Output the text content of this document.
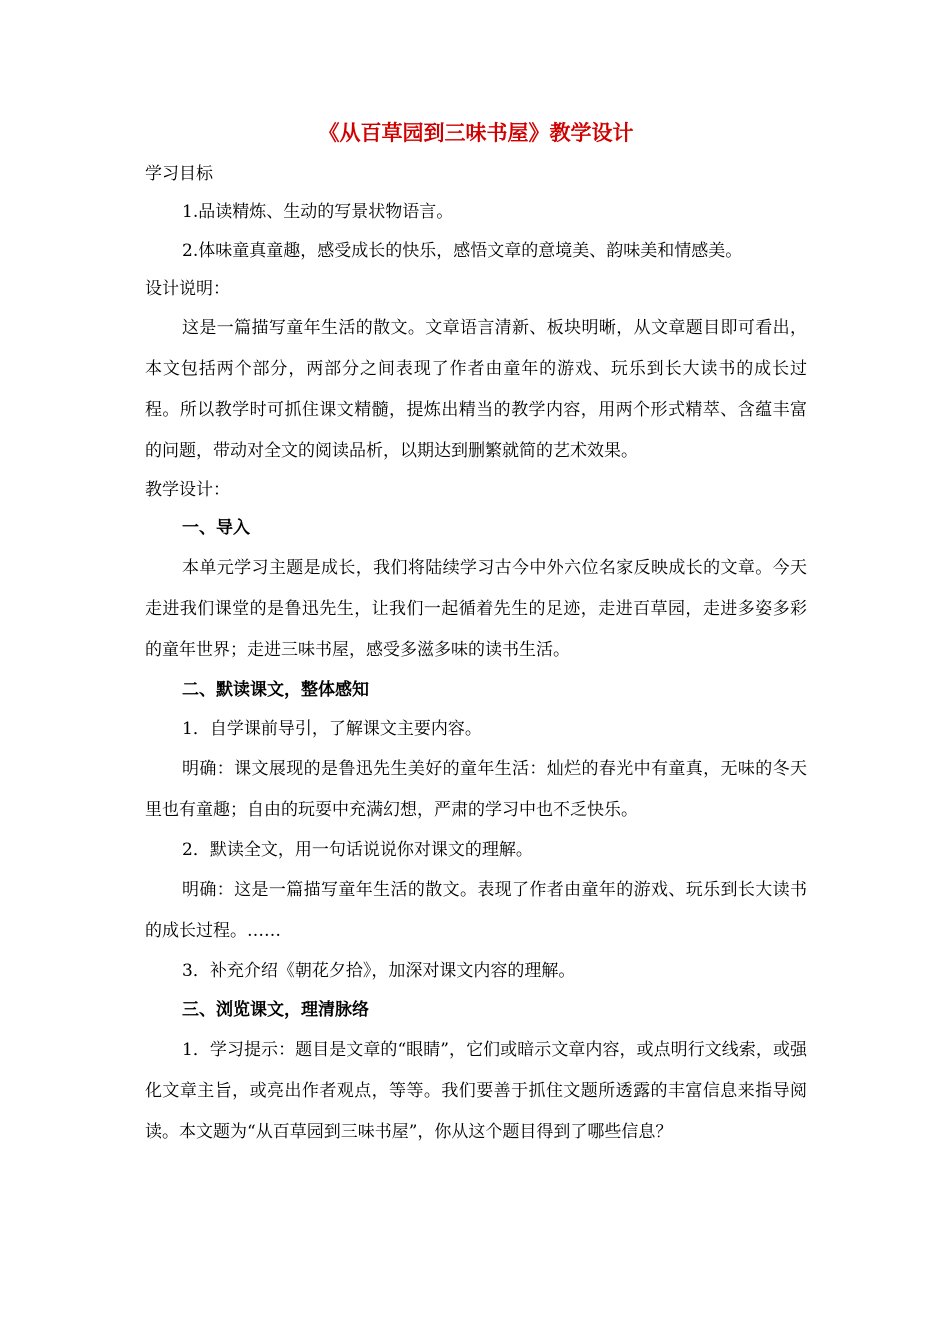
《从百草园到三味书屋》教学设计

学习目标

1.品读精炼、生动的写景状物语言。

2.体味童真童趣，感受成长的快乐，感悟文章的意境美、韵味美和情感美。

设计说明：

这是一篇描写童年生活的散文。文章语言清新、板块明晰，从文章题目即可看出，本文包括两个部分，两部分之间表现了作者由童年的游戏、玩乐到长大读书的成长过程。所以教学时可抓住课文精髓，提炼出精当的教学内容，用两个形式精萃、含蕴丰富的问题，带动对全文的阅读品析，以期达到删繁就简的艺术效果。

教学设计：

一、导入

本单元学习主题是成长，我们将陆续学习古今中外六位名家反映成长的文章。今天走进我们课堂的是鲁迅先生，让我们一起循着先生的足迹，走进百草园，走进多姿多彩的童年世界；走进三味书屋，感受多滋多味的读书生活。

二、默读课文，整体感知

1．自学课前导引，了解课文主要内容。

明确：课文展现的是鲁迅先生美好的童年生活：灿烂的春光中有童真，无味的冬天里也有童趣；自由的玩耍中充满幻想，严肃的学习中也不乏快乐。

2．默读全文，用一句话说说你对课文的理解。

明确：这是一篇描写童年生活的散文。表现了作者由童年的游戏、玩乐到长大读书的成长过程。……

3．补充介绍《朝花夕拾》，加深对课文内容的理解。

三、浏览课文，理清脉络

1．学习提示：题目是文章的“眼睛”，它们或暗示文章内容，或点明行文线索，或强化文章主旨，或亮出作者观点，等等。我们要善于抓住文题所透露的丰富信息来指导阅读。本文题为“从百草园到三味书屋”，你从这个题目得到了哪些信息？
